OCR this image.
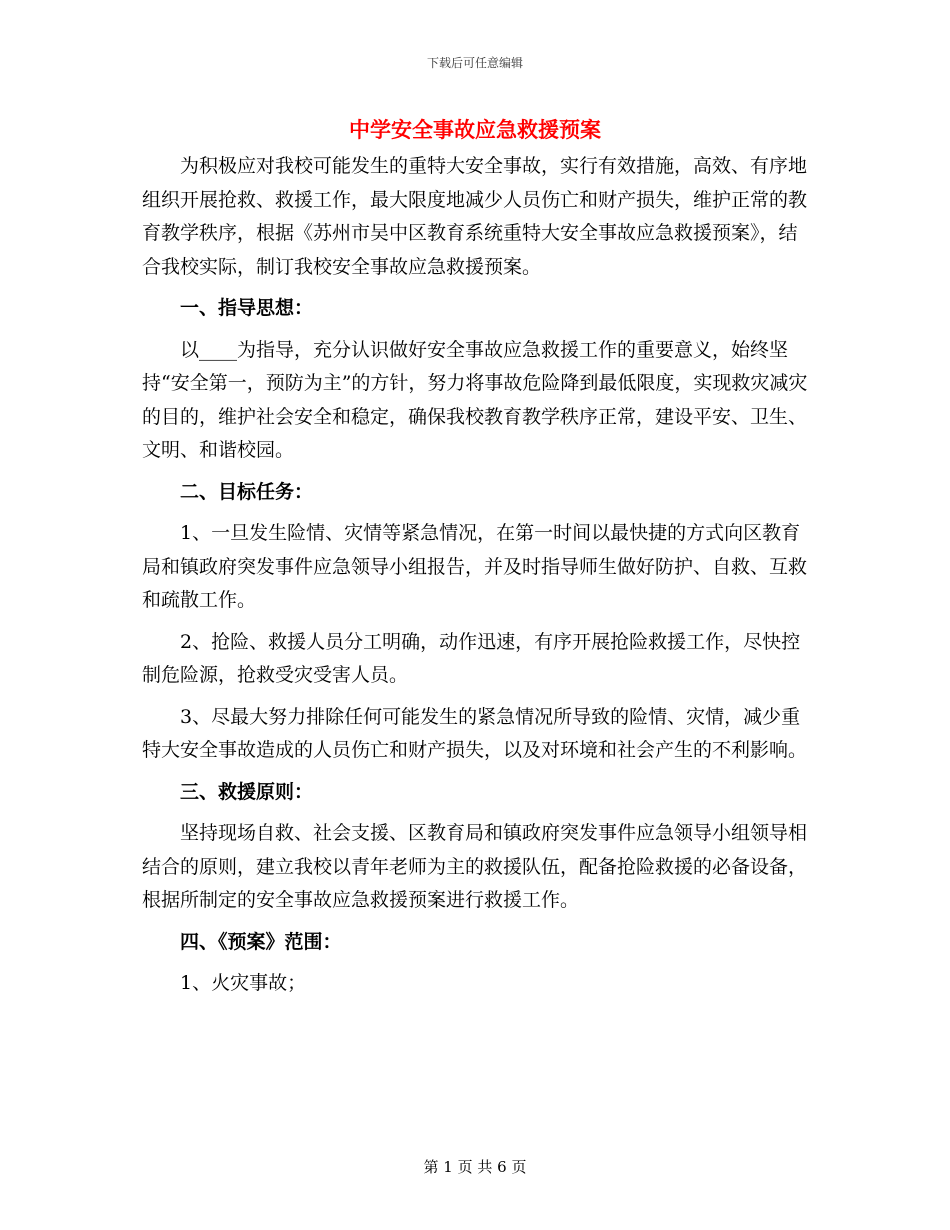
下载后可任意编辑
中学安全事故应急救援预案

为积极应对我校可能发生的重特大安全事故，实行有效措施，高效、有序地组织开展抢救、救援工作，最大限度地减少人员伤亡和财产损失，维护正常的教育教学秩序，根据《苏州市吴中区教育系统重特大安全事故应急救援预案》，结合我校实际，制订我校安全事故应急救援预案。

一、指导思想：

以____为指导，充分认识做好安全事故应急救援工作的重要意义，始终坚持“安全第一，预防为主”的方针，努力将事故危险降到最低限度，实现救灾减灾的目的，维护社会安全和稳定，确保我校教育教学秩序正常，建设平安、卫生、文明、和谐校园。

二、目标任务：

1、一旦发生险情、灾情等紧急情况，在第一时间以最快捷的方式向区教育局和镇政府突发事件应急领导小组报告，并及时指导师生做好防护、自救、互救和疏散工作。

2、抢险、救援人员分工明确，动作迅速，有序开展抢险救援工作，尽快控制危险源，抢救受灾受害人员。

3、尽最大努力排除任何可能发生的紧急情况所导致的险情、灾情，减少重特大安全事故造成的人员伤亡和财产损失，以及对环境和社会产生的不利影响。

三、救援原则：

坚持现场自救、社会支援、区教育局和镇政府突发事件应急领导小组领导相结合的原则，建立我校以青年老师为主的救援队伍，配备抢险救援的必备设备，根据所制定的安全事故应急救援预案进行救援工作。

四、《预案》范围：

1、火灾事故；

第 1 页 共 6 页
